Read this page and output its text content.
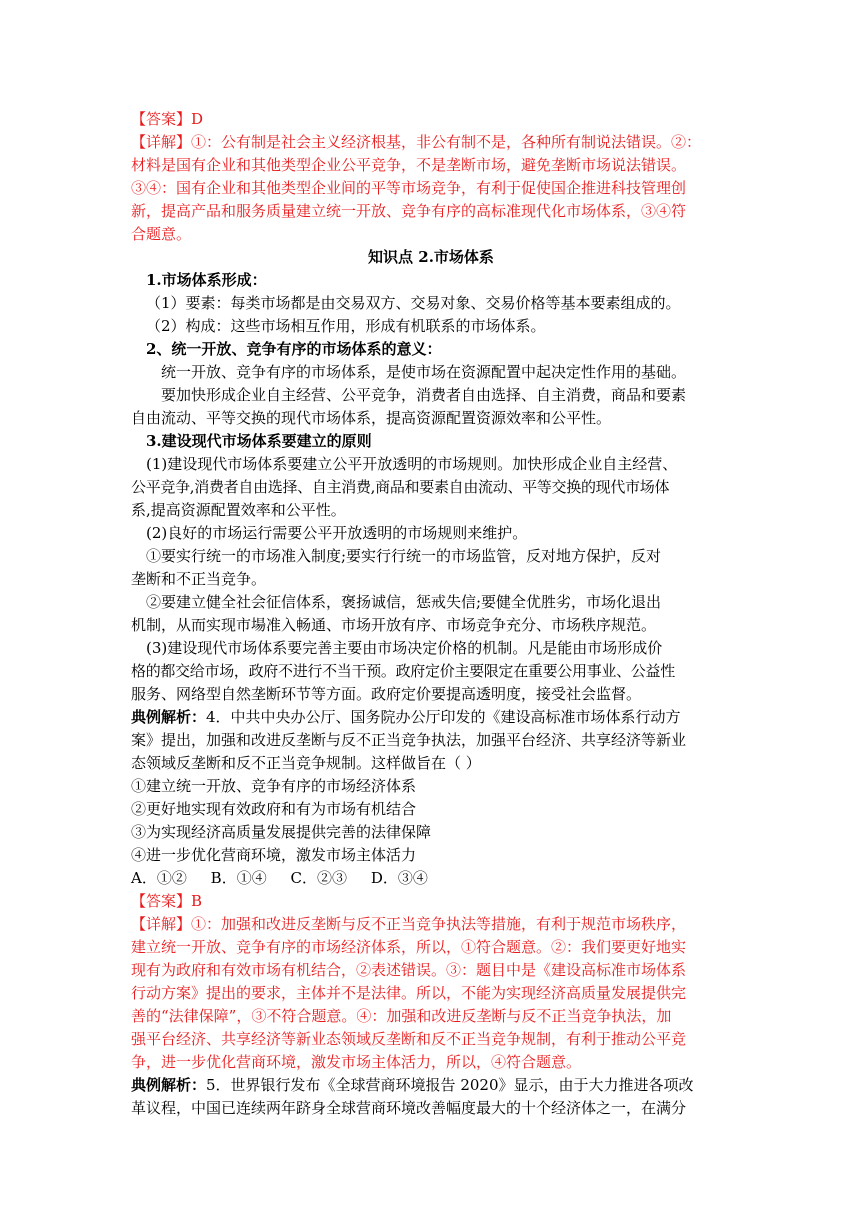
【答案】D
【详解】①：公有制是社会主义经济根基，非公有制不是，各种所有制说法错误。②：
材料是国有企业和其他类型企业公平竞争，不是垄断市场，避免垄断市场说法错误。
③④：国有企业和其他类型企业间的平等市场竞争，有利于促使国企推进科技管理创
新，提高产品和服务质量建立统一开放、竞争有序的高标准现代化市场体系，③④符
合题意。
知识点 2.市场体系
1.市场体系形成：
（1）要素：每类市场都是由交易双方、交易对象、交易价格等基本要素组成的。
（2）构成：这些市场相互作用，形成有机联系的市场体系。
2、统一开放、竞争有序的市场体系的意义：
统一开放、竞争有序的市场体系，是使市场在资源配置中起决定性作用的基础。
要加快形成企业自主经营、公平竞争，消费者自由选择、自主消费，商品和要素
自由流动、平等交换的现代市场体系，提高资源配置资源效率和公平性。
3.建设现代市场体系要建立的原则
(1)建设现代市场体系要建立公平开放透明的市场规则。加快形成企业自主经营、
公平竞争,消费者自由选择、自主消费,商品和要素自由流动、平等交换的现代市场体
系,提高资源配置效率和公平性。
(2)良好的市场运行需要公平开放透明的市场规则来维护。
①要实行统一的市场准入制度;要实行行统一的市场监管，反对地方保护，反对
垄断和不正当竞争。
②要建立健全社会征信体系，褒扬诚信，惩戒失信;要健全优胜劣，市场化退出
机制，从而实现市場准入畅通、市场开放有序、市场竞争充分、市场秩序规范。
(3)建设现代市场体系要完善主要由市场决定价格的机制。凡是能由市场形成价
格的都交给市场，政府不进行不当干预。政府定价主要限定在重要公用事业、公益性
服务、网络型自然垄断环节等方面。政府定价要提高透明度，接受社会监督。
典例解析：4．中共中央办公厅、国务院办公厅印发的《建设高标准市场体系行动方
案》提出，加强和改进反垄断与反不正当竞争执法，加强平台经济、共享经济等新业
态领域反垄断和反不正当竞争规制。这样做旨在（ ）
①建立统一开放、竞争有序的市场经济体系
②更好地实现有效政府和有为市场有机结合
③为实现经济高质量发展提供完善的法律保障
④进一步优化营商环境，激发市场主体活力
A．①②     B．①④     C．②③     D．③④
【答案】B
【详解】①：加强和改进反垄断与反不正当竞争执法等措施，有利于规范市场秩序，
建立统一开放、竞争有序的市场经济体系，所以，①符合题意。②：我们要更好地实
现有为政府和有效市场有机结合，②表述错误。③：题目中是《建设高标准市场体系
行动方案》提出的要求，主体并不是法律。所以，不能为实现经济高质量发展提供完
善的“法律保障”，③不符合题意。④：加强和改进反垄断与反不正当竞争执法，加
强平台经济、共享经济等新业态领域反垄断和反不正当竞争规制，有利于推动公平竞
争，进一步优化营商环境，激发市场主体活力，所以，④符合题意。
典例解析：5．世界银行发布《全球营商环境报告 2020》显示，由于大力推进各项改
革议程，中国已连续两年跻身全球营商环境改善幅度最大的十个经济体之一，在满分
